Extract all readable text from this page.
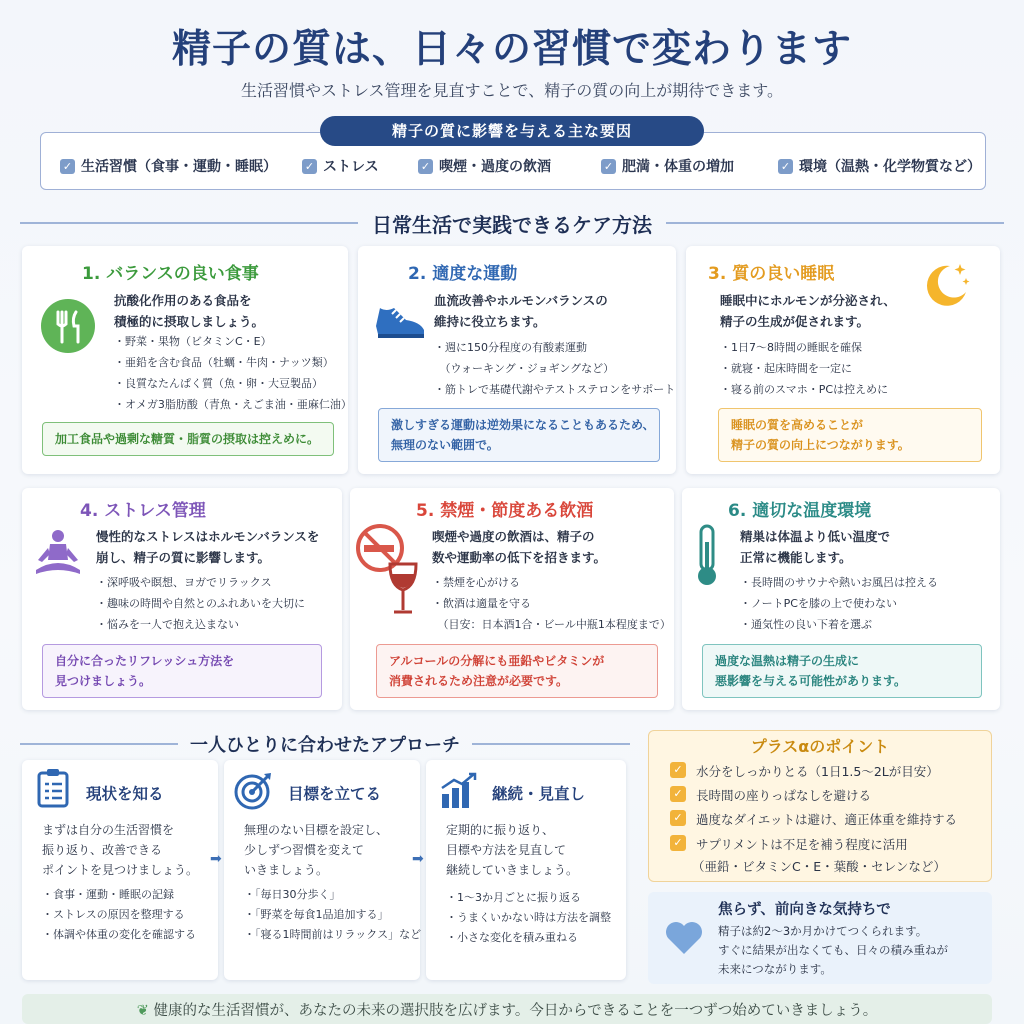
精子の質は、日々の習慣で変わります
生活習慣やストレス管理を見直すことで、精子の質の向上が期待できます。
精子の質に影響を与える主な要因
✓ 生活習慣（食事・運動・睡眠）	✓ ストレス	✓ 喫煙・過度の飲酒	✓ 肥満・体重の増加	✓ 環境（温熱・化学物質など）
日常生活で実践できるケア方法
1. バランスの良い食事
抗酸化作用のある食品を
積極的に摂取しましょう。
・野菜・果物（ビタミンC・E）
・亜鉛を含む食品（牡蠣・牛肉・ナッツ類）
・良質なたんぱく質（魚・卵・大豆製品）
・オメガ3脂肪酸（青魚・えごま油・亜麻仁油）
加工食品や過剰な糖質・脂質の摂取は控えめに。
2. 適度な運動
血流改善やホルモンバランスの
維持に役立ちます。
・週に150分程度の有酸素運動
　（ウォーキング・ジョギングなど）
・筋トレで基礎代謝やテストステロンをサポート
激しすぎる運動は逆効果になることもあるため、
無理のない範囲で。
3. 質の良い睡眠
睡眠中にホルモンが分泌され、
精子の生成が促されます。
・1日7〜8時間の睡眠を確保
・就寝・起床時間を一定に
・寝る前のスマホ・PCは控えめに
睡眠の質を高めることが
精子の質の向上につながります。
4. ストレス管理
慢性的なストレスはホルモンバランスを
崩し、精子の質に影響します。
・深呼吸や瞑想、ヨガでリラックス
・趣味の時間や自然とのふれあいを大切に
・悩みを一人で抱え込まない
自分に合ったリフレッシュ方法を
見つけましょう。
5. 禁煙・節度ある飲酒
喫煙や過度の飲酒は、精子の
数や運動率の低下を招きます。
・禁煙を心がける
・飲酒は適量を守る
　（目安：日本酒1合・ビール中瓶1本程度まで）
アルコールの分解にも亜鉛やビタミンが
消費されるため注意が必要です。
6. 適切な温度環境
精巣は体温より低い温度で
正常に機能します。
・長時間のサウナや熱いお風呂は控える
・ノートPCを膝の上で使わない
・通気性の良い下着を選ぶ
過度な温熱は精子の生成に
悪影響を与える可能性があります。
一人ひとりに合わせたアプローチ
現状を知る
まずは自分の生活習慣を
振り返り、改善できる
ポイントを見つけましょう。
・食事・運動・睡眠の記録
・ストレスの原因を整理する
・体調や体重の変化を確認する
➡
目標を立てる
無理のない目標を設定し、
少しずつ習慣を変えて
いきましょう。
・「毎日30分歩く」
・「野菜を毎食1品追加する」
・「寝る1時間前はリラックス」など
➡
継続・見直し
定期的に振り返り、
目標や方法を見直して
継続していきましょう。
・1〜3か月ごとに振り返る
・うまくいかない時は方法を調整
・小さな変化を積み重ねる
プラスαのポイント
✓ 水分をしっかりとる（1日1.5〜2Lが目安）
✓ 長時間の座りっぱなしを避ける
✓ 過度なダイエットは避け、適正体重を維持する
✓ サプリメントは不足を補う程度に活用
（亜鉛・ビタミンC・E・葉酸・セレンなど）
焦らず、前向きな気持ちで
精子は約2〜3か月かけてつくられます。
すぐに結果が出なくても、日々の積み重ねが
未来につながります。
❦ 健康的な生活習慣が、あなたの未来の選択肢を広げます。今日からできることを一つずつ始めていきましょう。
